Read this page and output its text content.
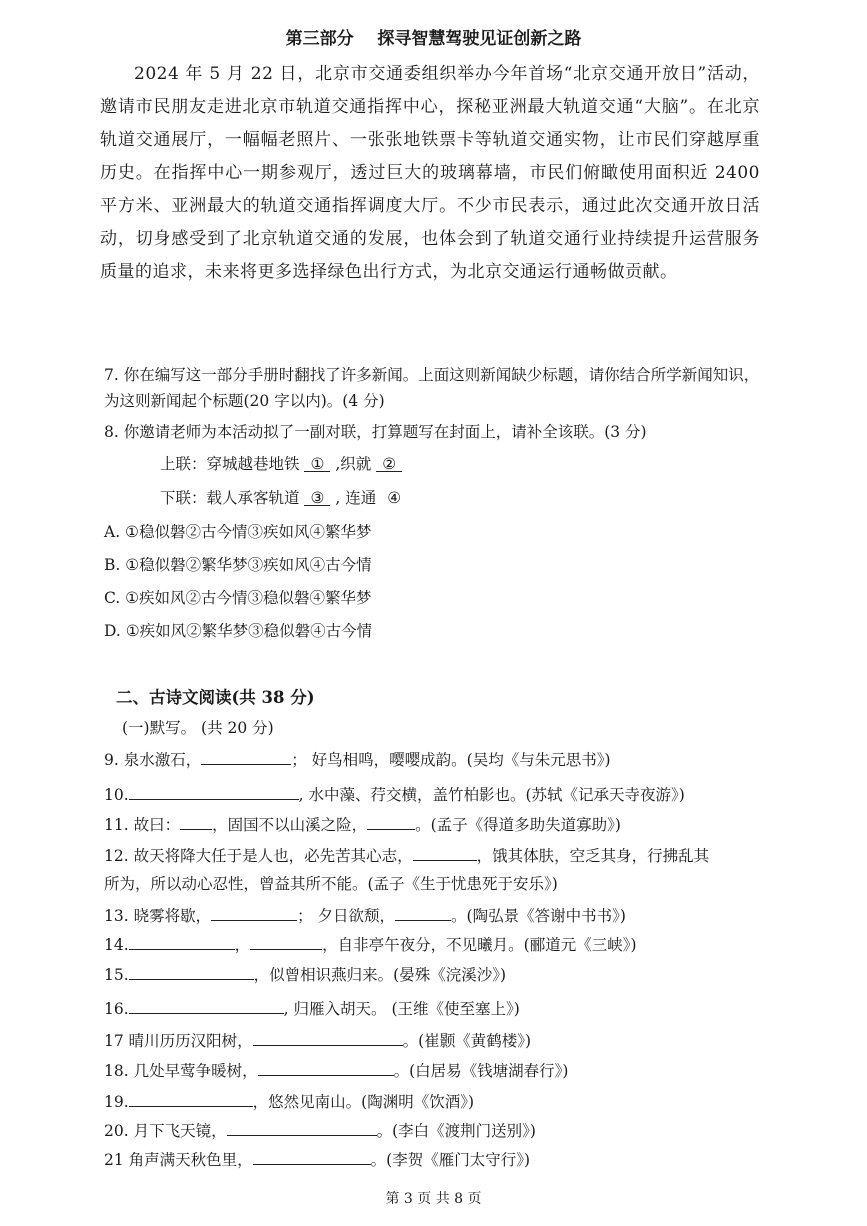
第三部分    探寻智慧驾驶见证创新之路

2024 年 5 月 22 日，北京市交通委组织举办今年首场“北京交通开放日”活动，邀请市民朋友走进北京市轨道交通指挥中心，探秘亚洲最大轨道交通“大脑”。在北京轨道交通展厅，一幅幅老照片、一张张地铁票卡等轨道交通实物，让市民们穿越厚重历史。在指挥中心一期参观厅，透过巨大的玻璃幕墙，市民们俯瞰使用面积近 2400 平方米、亚洲最大的轨道交通指挥调度大厅。不少市民表示，通过此次交通开放日活动，切身感受到了北京轨道交通的发展，也体会到了轨道交通行业持续提升运营服务质量的追求，未来将更多选择绿色出行方式，为北京交通运行通畅做贡献。

7. 你在编写这一部分手册时翻找了许多新闻。上面这则新闻缺少标题，请你结合所学新闻知识，为这则新闻起个标题(20 字以内)。(4 分)

8. 你邀请老师为本活动拟了一副对联，打算题写在封面上，请补全该联。(3 分)
上联：穿城越巷地铁 ① ,织就 ②
下联：载人承客轨道 ③ , 连通 ④
A. ①稳似磐②古今情③疾如风④繁华梦
B. ①稳似磐②繁华梦③疾如风④古今情
C. ①疾如风②古今情③稳似磐④繁华梦
D. ①疾如风②繁华梦③稳似磐④古今情
二、古诗文阅读(共 38 分)
(一)默写。 (共 20 分)
9. 泉水激石，	； 好鸟相鸣，嘤嘤成韵。(吴均《与朱元思书》)
10.	, 水中藻、荇交横，盖竹柏影也。(苏轼《记承天寺夜游》)
11. 故曰： ，固国不以山溪之险，	。(孟子《得道多助失道寡助》)
12. 故天将降大任于是人也，必先苦其心志，	，饿其体肤，空乏其身，行拂乱其
所为，所以动心忍性，曾益其所不能。(孟子《生于忧患死于安乐》)
13. 晓雾将歇，	； 夕日欲颓，	。(陶弘景《答谢中书书》)
14.	，	，自非亭午夜分，不见曦月。(郦道元《三峡》)
15.	，似曾相识燕归来。(晏殊《浣溪沙》)
16.	, 归雁入胡天。 (王维《使至塞上》)
17 晴川历历汉阳树，	。(崔颢《黄鹤楼》)
18. 几处早莺争暖树，	。(白居易《钱塘湖春行》)
19.	，悠然见南山。(陶渊明《饮酒》)
20. 月下飞天镜，	。(李白《渡荆门送别》)
21 角声满天秋色里，	。(李贺《雁门太守行》)
第 3 页 共 8 页
